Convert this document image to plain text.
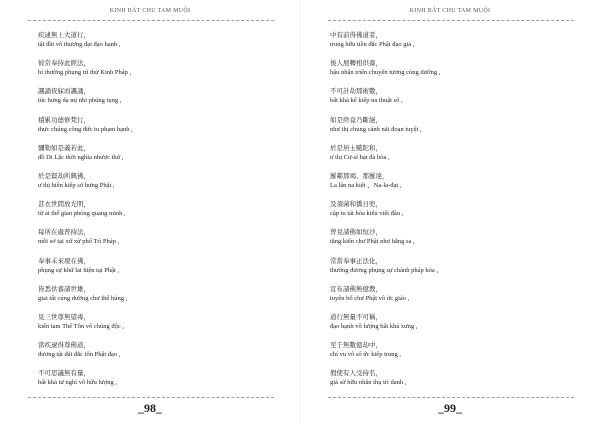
KINH BÁT CHU TAM MUỘI
疾逮無上大道行，
tật đãi vô thượng đại đạo hạnh ,
彼常奉持此經法，
bỉ thường phụng trì thử Kinh Pháp ,
諷誦夜寐而諷誦，
túc hưng dạ mị nhi phúng tụng ,
積累功德修梵行，
thực chúng công đức tu phạm hạnh ,
彌勒如是義若此，
đồ Di Lặc thời nghĩa nhược thử ,
於是賢劫所興佛，
ư thị hiền kiếp sở hưng Phật ,
甚衣世間放光明，
từ ai thế gian phóng quang minh ,
每所在處普持法，
mỗi sở tại xứ xử phổ Trì Pháp ,
奉事未來現在佛，
phụng sự khứ lai hiện tại Phật ,
皆悉供養諸世雄，
giai tất cúng dường chư thế hùng ,
見三世尊無望毒，
kiến tam Thế Tôn vô chúng độc ,
當疾逮得尊佛道，
đương tật đãi đắc tôn Phật đạo ,
不可思議無有量，
bất khả tư nghì vô hữu lượng ,
_98_
KINH BÁT CHU TAM MUỘI
中有前得佛道者，
trung hữu tiền đắc Phật đạo giả ,
後人展轉相供養，
hậu nhân triển chuyển tương cúng dường ,
不可計劫那術數，
bất khả kế kiếp na thuật số ,
如是終竟乃斷絕，
như thị chung cánh nãi đoạn tuyệt ,
於是居士颰陀和，
ư thị Cư-sĩ bạt đà hòa ,
羅鄰那竭、那羅達，
La lân na kiệt 、Na-la-đạt ,
及須菌和憍日兜，
cập tu tát hòa kiểu viết đâu ,
曾見諸佛如恒沙，
tằng kiến chư Phật như hằng sa ,
常當奉事正法化，
thường đương phụng sự chánh pháp hóa ,
宣布諸佛無億教，
tuyên bố chư Phật vô ức giáo ,
道行無量不可稱，
đạo hạnh vô lượng bất khả xưng ,
至于無數億劫中，
chí vu vô số ức kiếp trung ,
假使有人受持名，
giả sử hữu nhân thụ trì danh ,
_99_
